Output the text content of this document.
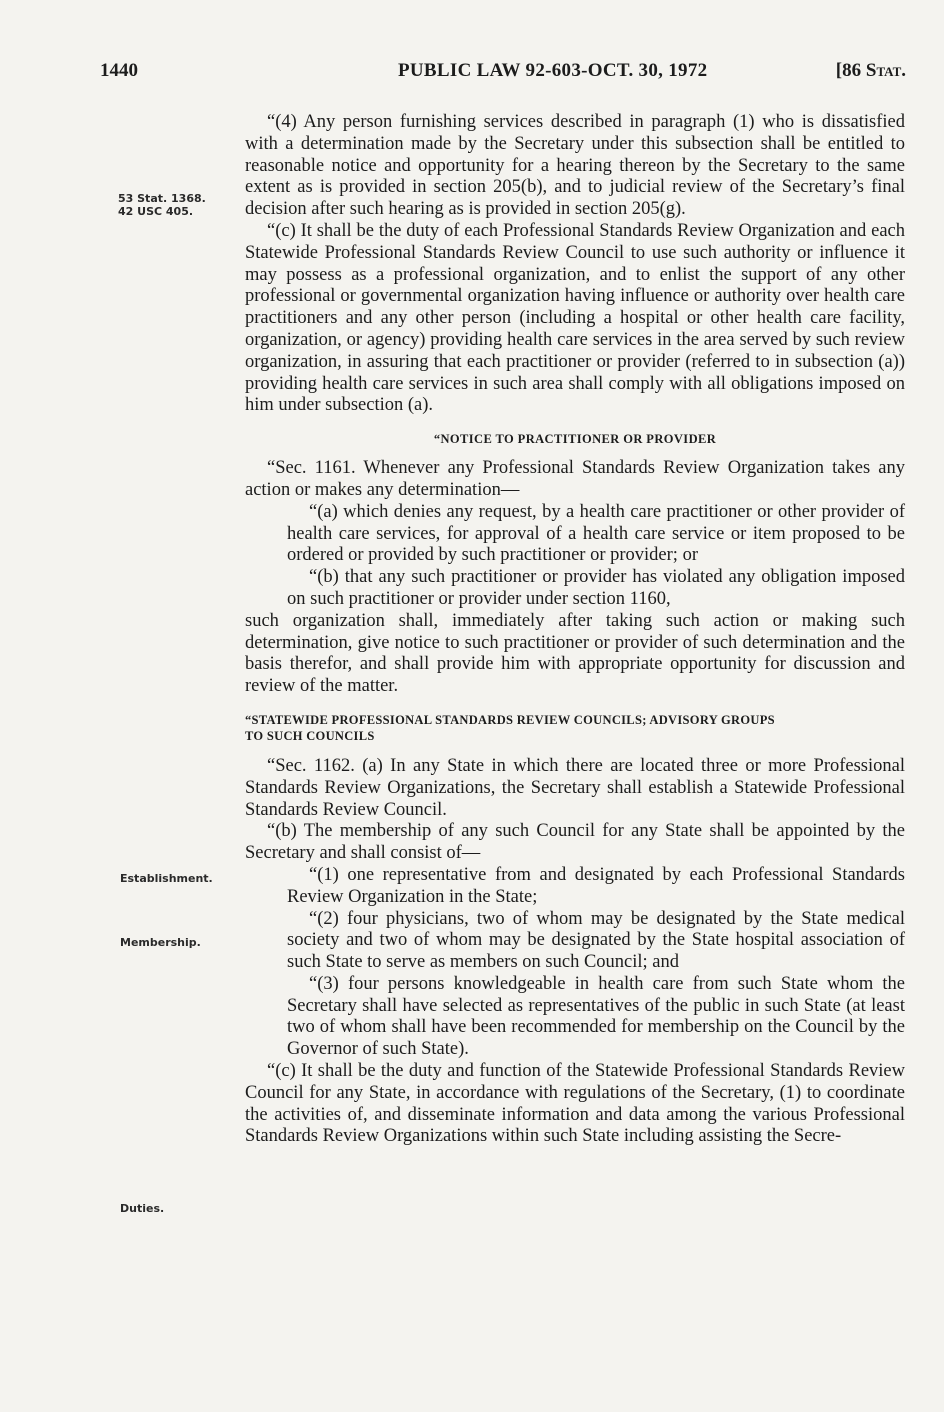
1440	PUBLIC LAW 92-603-OCT. 30, 1972	[86 Stat.
53 Stat. 1368.
42 USC 405.
Establishment.
Membership.
Duties.

“(4) Any person furnishing services described in paragraph (1) who is dissatisfied with a determination made by the Secretary under this subsection shall be entitled to reasonable notice and opportunity for a hearing thereon by the Secretary to the same extent as is provided in section 205(b), and to judicial review of the Secretary’s final decision after such hearing as is provided in section 205(g).

“(c) It shall be the duty of each Professional Standards Review Organization and each Statewide Professional Standards Review Council to use such authority or influence it may possess as a professional organization, and to enlist the support of any other professional or governmental organization having influence or authority over health care practitioners and any other person (including a hospital or other health care facility, organization, or agency) providing health care services in the area served by such review organization, in assuring that each practitioner or provider (referred to in subsection (a)) providing health care services in such area shall comply with all obligations imposed on him under subsection (a).

“NOTICE TO PRACTITIONER OR PROVIDER

“Sec. 1161. Whenever any Professional Standards Review Organization takes any action or makes any determination—

“(a) which denies any request, by a health care practitioner or other provider of health care services, for approval of a health care service or item proposed to be ordered or provided by such practitioner or provider; or

“(b) that any such practitioner or provider has violated any obligation imposed on such practitioner or provider under section 1160,

such organization shall, immediately after taking such action or making such determination, give notice to such practitioner or provider of such determination and the basis therefor, and shall provide him with appropriate opportunity for discussion and review of the matter.

“STATEWIDE PROFESSIONAL STANDARDS REVIEW COUNCILS; ADVISORY GROUPS
TO SUCH COUNCILS

“Sec. 1162. (a) In any State in which there are located three or more Professional Standards Review Organizations, the Secretary shall establish a Statewide Professional Standards Review Council.

“(b) The membership of any such Council for any State shall be appointed by the Secretary and shall consist of—

“(1) one representative from and designated by each Professional Standards Review Organization in the State;

“(2) four physicians, two of whom may be designated by the State medical society and two of whom may be designated by the State hospital association of such State to serve as members on such Council; and

“(3) four persons knowledgeable in health care from such State whom the Secretary shall have selected as representatives of the public in such State (at least two of whom shall have been recommended for membership on the Council by the Governor of such State).

“(c) It shall be the duty and function of the Statewide Professional Standards Review Council for any State, in accordance with regulations of the Secretary, (1) to coordinate the activities of, and disseminate information and data among the various Professional Standards Review Organizations within such State including assisting the Secre-
